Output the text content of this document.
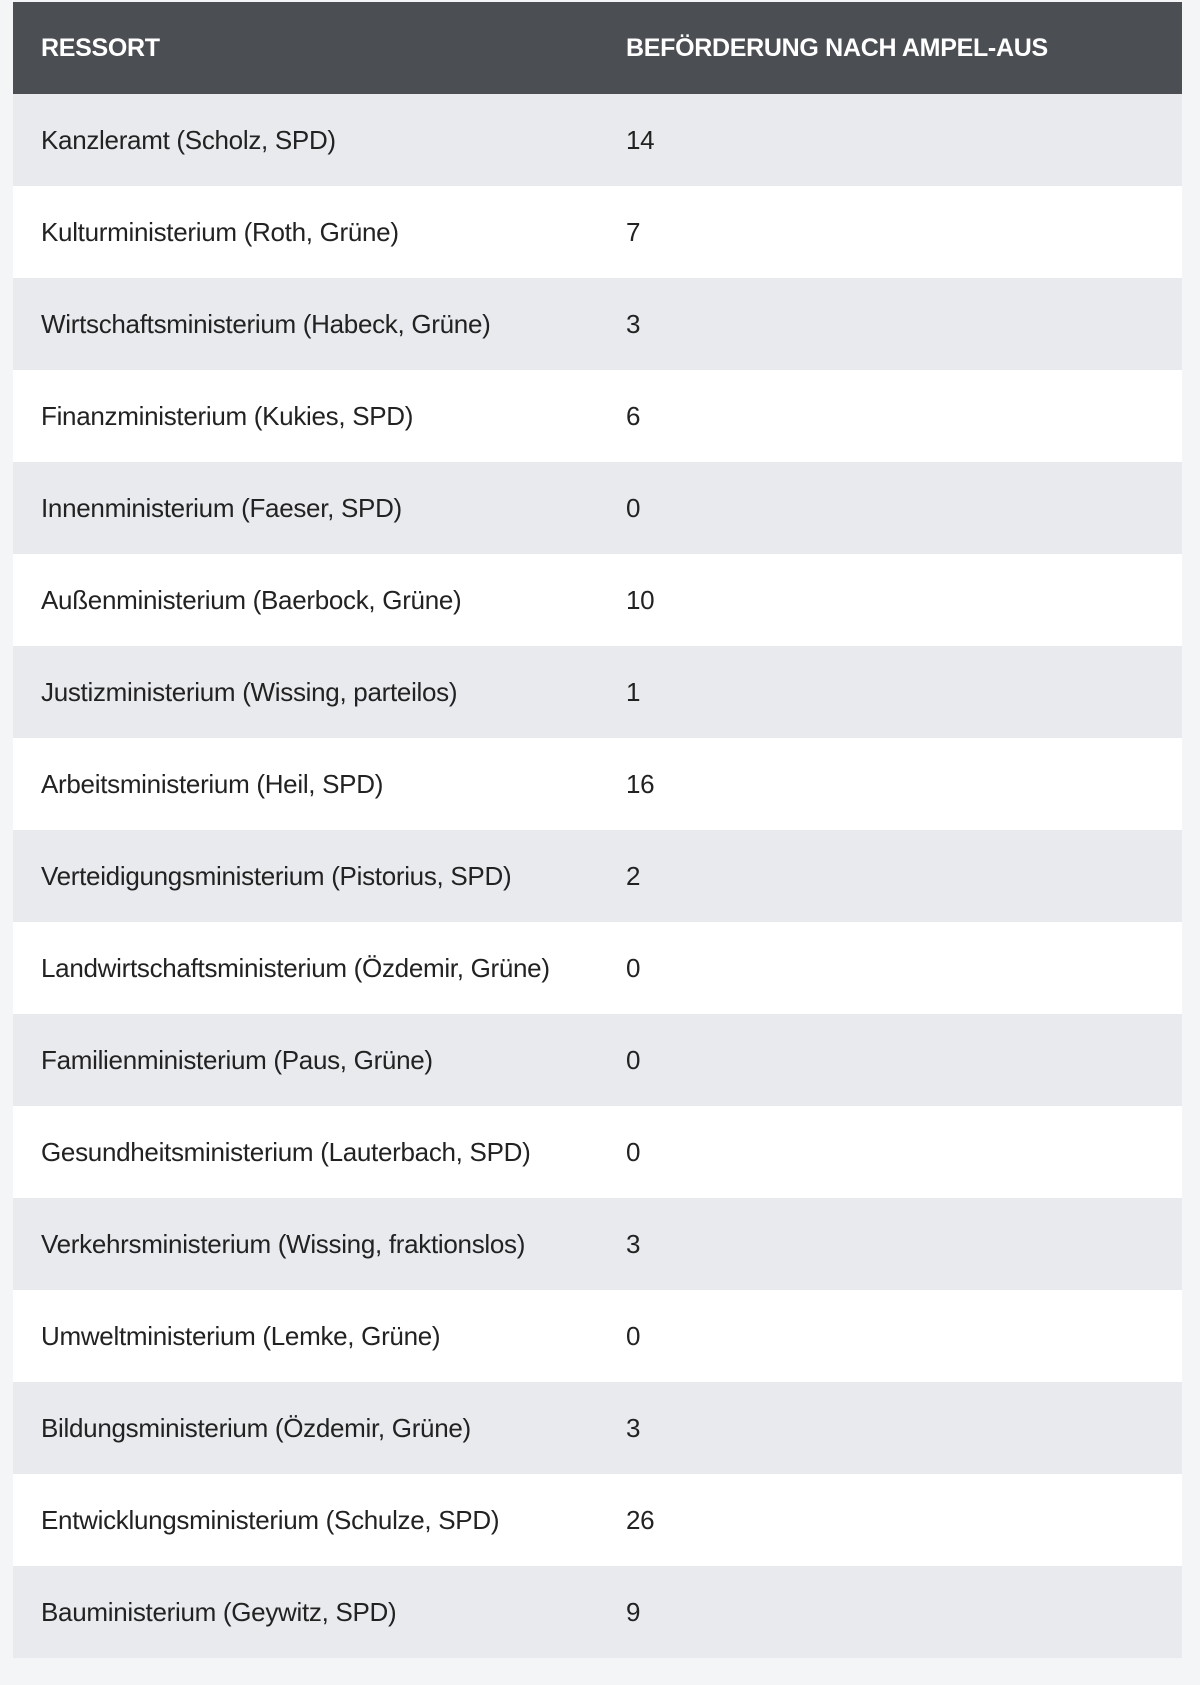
RESSORT	BEFÖRDERUNG NACH AMPEL-AUS
Kanzleramt (Scholz, SPD)	14
Kulturministerium (Roth, Grüne)	7
Wirtschaftsministerium (Habeck, Grüne)	3
Finanzministerium (Kukies, SPD)	6
Innenministerium (Faeser, SPD)	0
Außenministerium (Baerbock, Grüne)	10
Justizministerium (Wissing, parteilos)	1
Arbeitsministerium (Heil, SPD)	16
Verteidigungsministerium (Pistorius, SPD)	2
Landwirtschaftsministerium (Özdemir, Grüne)	0
Familienministerium (Paus, Grüne)	0
Gesundheitsministerium (Lauterbach, SPD)	0
Verkehrsministerium (Wissing, fraktionslos)	3
Umweltministerium (Lemke, Grüne)	0
Bildungsministerium (Özdemir, Grüne)	3
Entwicklungsministerium (Schulze, SPD)	26
Bauministerium (Geywitz, SPD)	9
